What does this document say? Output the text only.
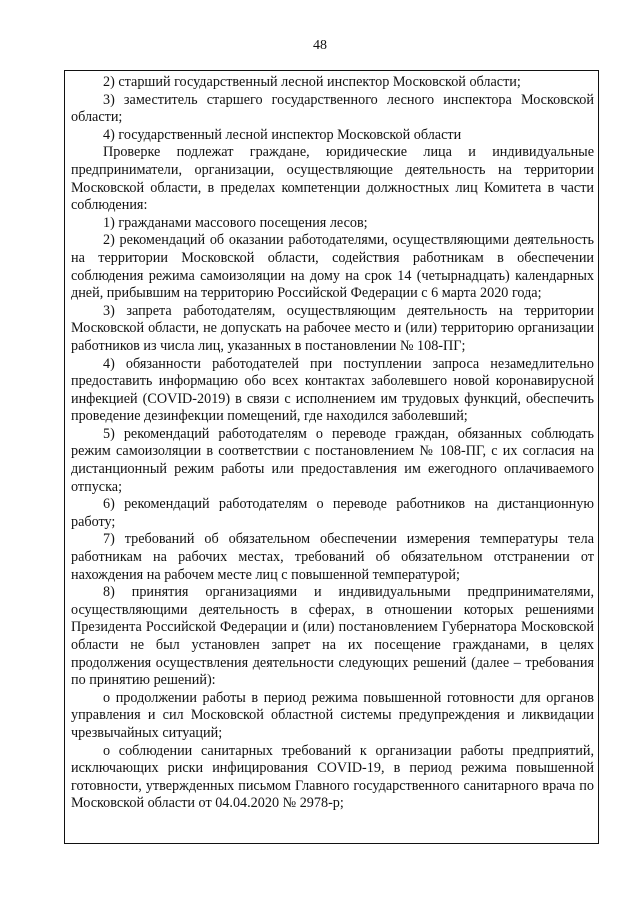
48

2) старший государственный лесной инспектор Московской области;

3) заместитель старшего государственного лесного инспектора Московской области;

4) государственный лесной инспектор Московской области

Проверке подлежат граждане, юридические лица и индивидуальные предприниматели, организации, осуществляющие деятельность на территории Московской области, в пределах компетенции должностных лиц Комитета в части соблюдения:

1) гражданами массового посещения лесов;

2) рекомендаций об оказании работодателями, осуществляющими деятельность на территории Московской области, содействия работникам в обеспечении соблюдения режима самоизоляции на дому на срок 14 (четырнадцать) календарных дней, прибывшим на территорию Российской Федерации с 6 марта 2020 года;

3) запрета работодателям, осуществляющим деятельность на территории Московской области, не допускать на рабочее место и (или) территорию организации работников из числа лиц, указанных в постановлении № 108-ПГ;

4) обязанности работодателей при поступлении запроса незамедлительно предоставить информацию обо всех контактах заболевшего новой коронавирусной инфекцией (COVID-2019) в связи с исполнением им трудовых функций, обеспечить проведение дезинфекции помещений, где находился заболевший;

5) рекомендаций работодателям о переводе граждан, обязанных соблюдать режим самоизоляции в соответствии с постановлением № 108-ПГ, с их согласия на дистанционный режим работы или предоставления им ежегодного оплачиваемого отпуска;

6) рекомендаций работодателям о переводе работников на дистанционную работу;

7) требований об обязательном обеспечении измерения температуры тела работникам на рабочих местах, требований об обязательном отстранении от нахождения на рабочем месте лиц с повышенной температурой;

8) принятия организациями и индивидуальными предпринимателями, осуществляющими деятельность в сферах, в отношении которых решениями Президента Российской Федерации и (или) постановлением Губернатора Московской области не был установлен запрет на их посещение гражданами, в целях продолжения осуществления деятельности следующих решений (далее – требования по принятию решений):

о продолжении работы в период режима повышенной готовности для органов управления и сил Московской областной системы предупреждения и ликвидации чрезвычайных ситуаций;

о соблюдении санитарных требований к организации работы предприятий, исключающих риски инфицирования COVID-19, в период режима повышенной готовности, утвержденных письмом Главного государственного санитарного врача по Московской области от 04.04.2020 № 2978-р;
